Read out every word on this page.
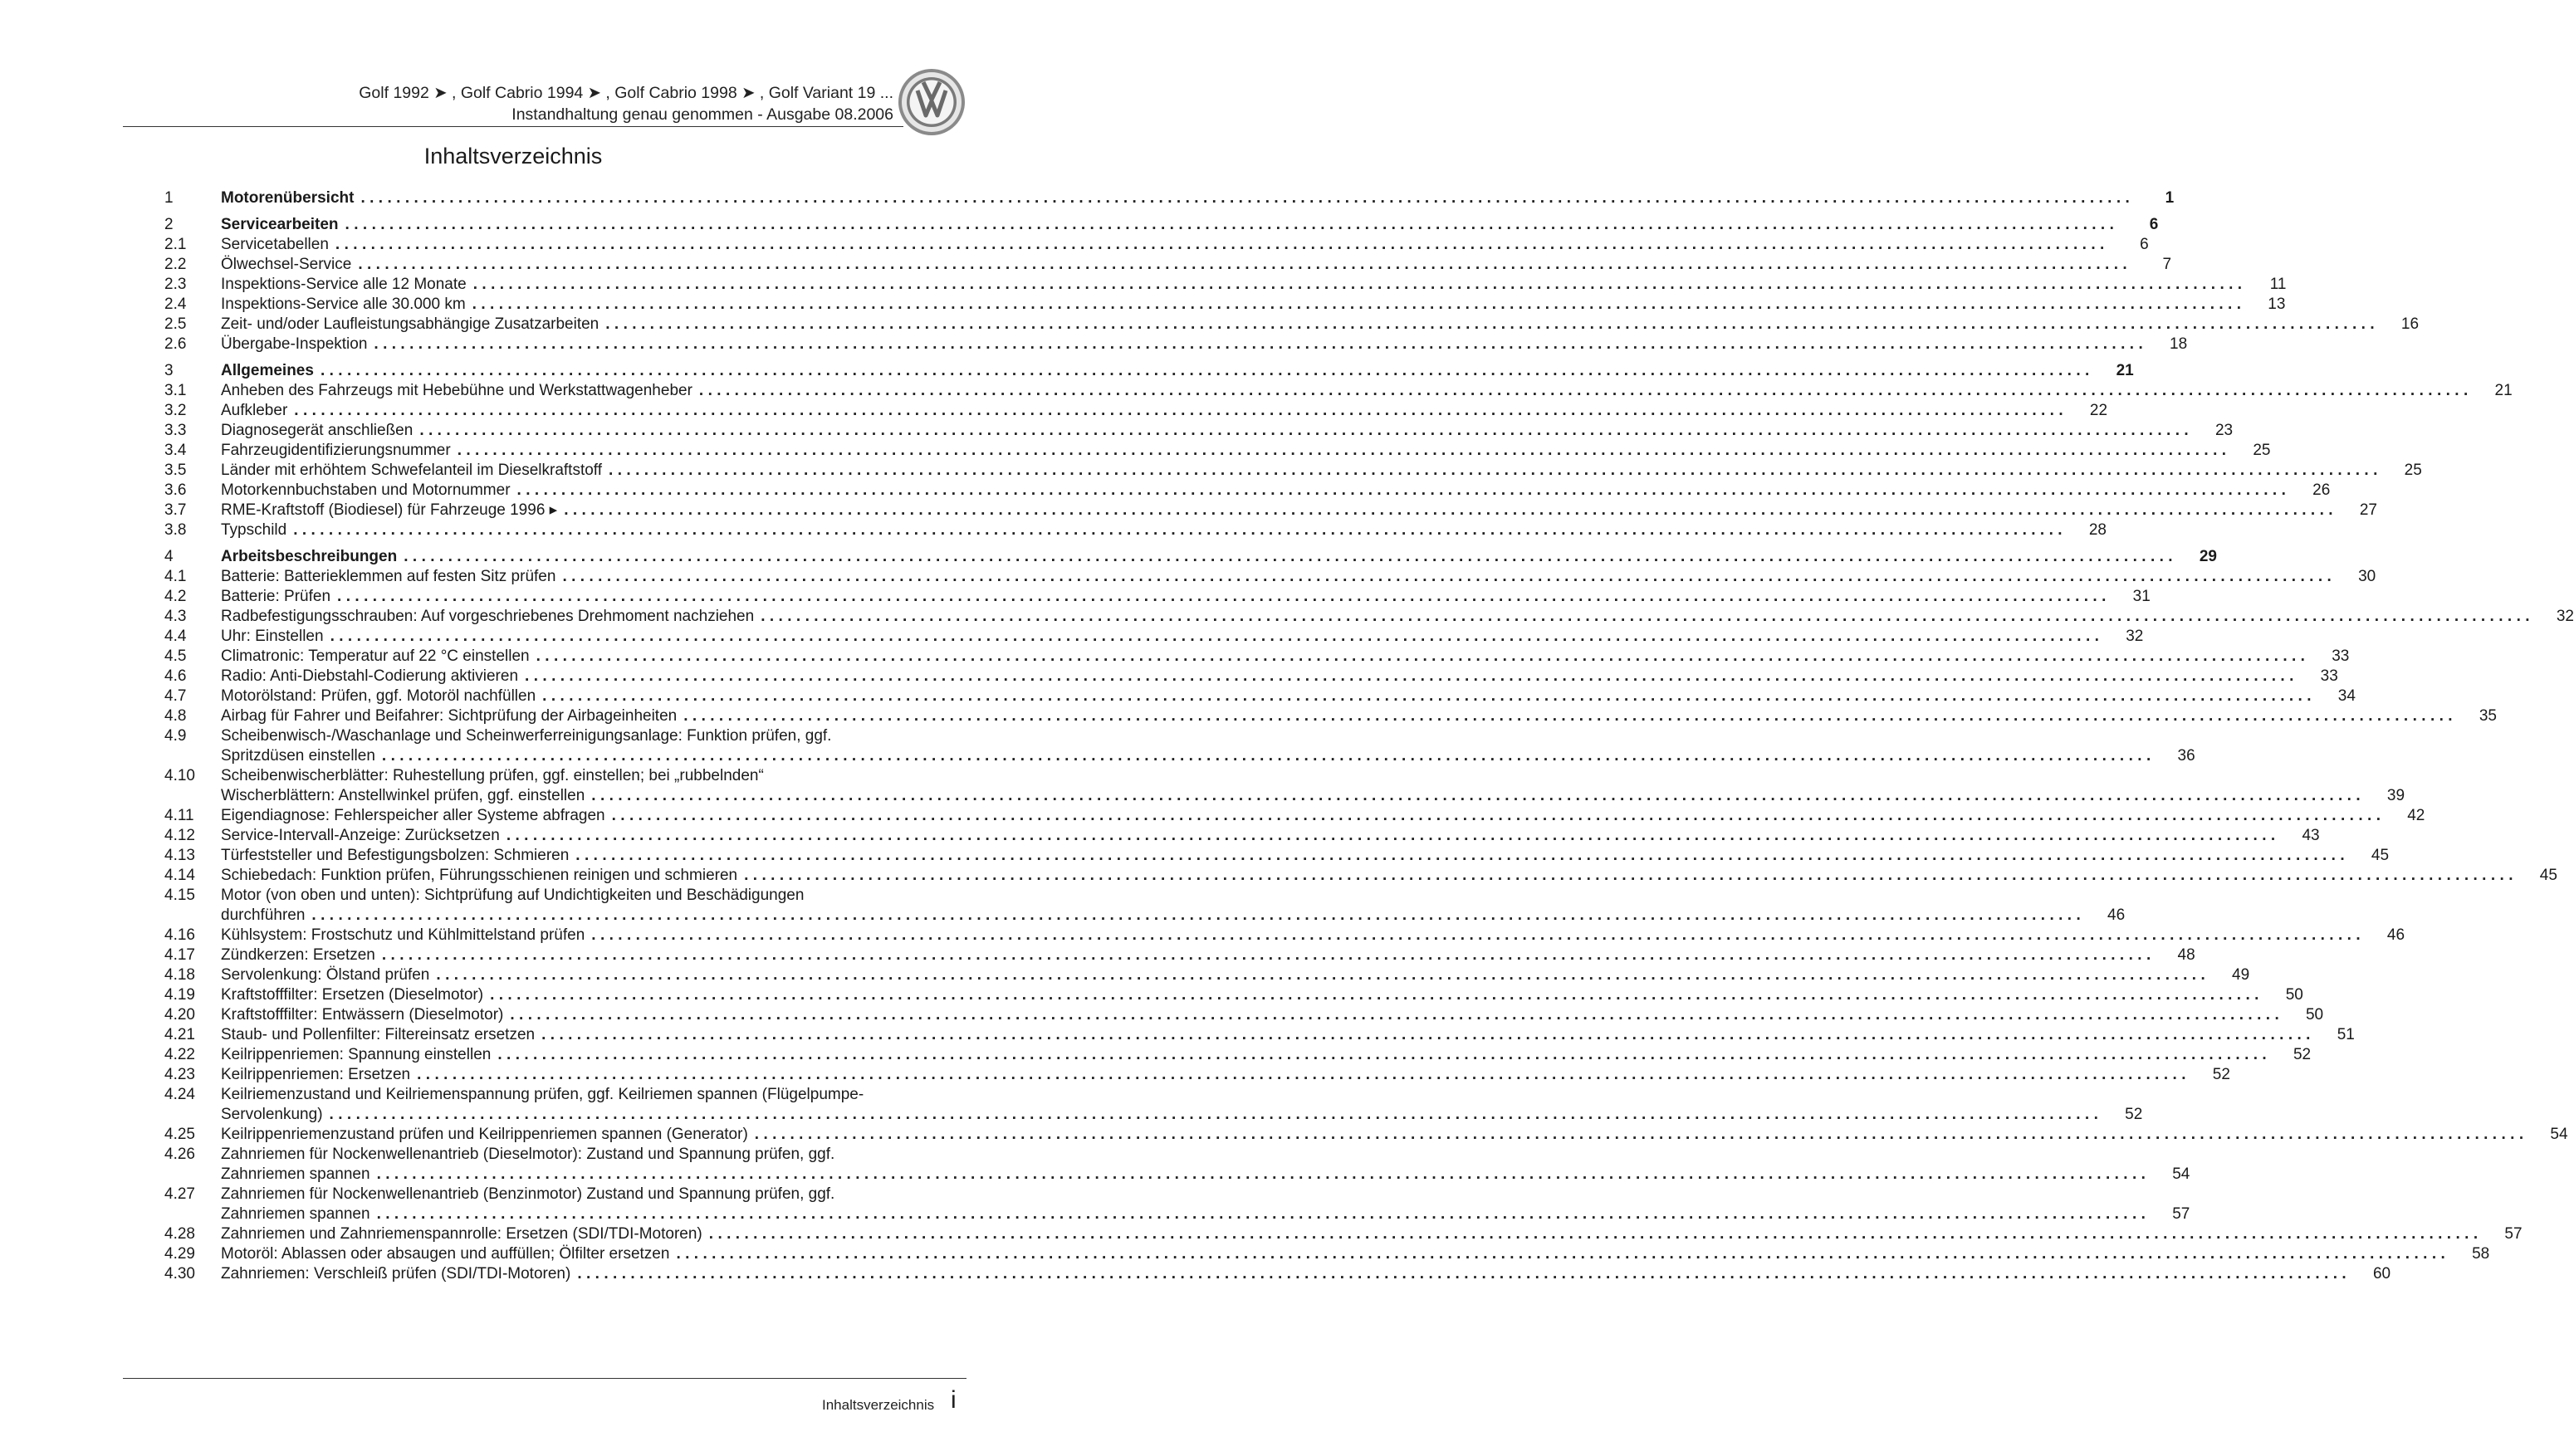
Golf 1992 ➤ , Golf Cabrio 1994 ➤ , Golf Cabrio 1998 ➤ , Golf Variant 19 ...
Instandhaltung genau genommen - Ausgabe 08.2006
Inhaltsverzeichnis
1	Motorenübersicht ........................................................................................................................................................................................................	1
2	Servicearbeiten ........................................................................................................................................................................................................	6
2.1 Servicetabellen ........................................................................................................................................................................................................	6
2.2 Ölwechsel-Service ........................................................................................................................................................................................................	7
2.3 Inspektions-Service alle 12 Monate ........................................................................................................................................................................................................	11
2.4 Inspektions-Service alle 30.000 km ........................................................................................................................................................................................................	13
2.5 Zeit- und/oder Laufleistungsabhängige Zusatzarbeiten ........................................................................................................................................................................................................	16
2.6 Übergabe-Inspektion ........................................................................................................................................................................................................	18
3	Allgemeines ........................................................................................................................................................................................................	21
3.1 Anheben des Fahrzeugs mit Hebebühne und Werkstattwagenheber ........................................................................................................................................................................................................	21
3.2 Aufkleber ........................................................................................................................................................................................................	22
3.3 Diagnosegerät anschließen ........................................................................................................................................................................................................	23
3.4 Fahrzeugidentifizierungsnummer ........................................................................................................................................................................................................	25
3.5 Länder mit erhöhtem Schwefelanteil im Dieselkraftstoff ........................................................................................................................................................................................................	25
3.6 Motorkennbuchstaben und Motornummer ........................................................................................................................................................................................................	26
3.7 RME-Kraftstoff (Biodiesel) für Fahrzeuge 1996 ▸ ........................................................................................................................................................................................................	27
3.8 Typschild ........................................................................................................................................................................................................	28
4	Arbeitsbeschreibungen ........................................................................................................................................................................................................	29
4.1 Batterie: Batterieklemmen auf festen Sitz prüfen ........................................................................................................................................................................................................	30
4.2 Batterie: Prüfen ........................................................................................................................................................................................................	31
4.3 Radbefestigungsschrauben: Auf vorgeschriebenes Drehmoment nachziehen ........................................................................................................................................................................................................	32
4.4 Uhr: Einstellen ........................................................................................................................................................................................................	32
4.5 Climatronic: Temperatur auf 22 °C einstellen ........................................................................................................................................................................................................	33
4.6 Radio: Anti-Diebstahl-Codierung aktivieren ........................................................................................................................................................................................................	33
4.7 Motorölstand: Prüfen, ggf. Motoröl nachfüllen ........................................................................................................................................................................................................	34
4.8 Airbag für Fahrer und Beifahrer: Sichtprüfung der Airbageinheiten ........................................................................................................................................................................................................	35
4.9 Scheibenwisch-/Waschanlage und Scheinwerferreinigungsanlage: Funktion prüfen, ggf.
Spritzdüsen einstellen ........................................................................................................................................................................................................	36
4.10 Scheibenwischerblätter: Ruhestellung prüfen, ggf. einstellen; bei „rubbelnden“
Wischerblättern: Anstellwinkel prüfen, ggf. einstellen ........................................................................................................................................................................................................	39
4.11 Eigendiagnose: Fehlerspeicher aller Systeme abfragen ........................................................................................................................................................................................................	42
4.12 Service-Intervall-Anzeige: Zurücksetzen ........................................................................................................................................................................................................	43
4.13 Türfeststeller und Befestigungsbolzen: Schmieren ........................................................................................................................................................................................................	45
4.14 Schiebedach: Funktion prüfen, Führungsschienen reinigen und schmieren ........................................................................................................................................................................................................	45
4.15 Motor (von oben und unten): Sichtprüfung auf Undichtigkeiten und Beschädigungen
durchführen ........................................................................................................................................................................................................	46
4.16 Kühlsystem: Frostschutz und Kühlmittelstand prüfen ........................................................................................................................................................................................................	46
4.17 Zündkerzen: Ersetzen ........................................................................................................................................................................................................	48
4.18 Servolenkung: Ölstand prüfen ........................................................................................................................................................................................................	49
4.19 Kraftstofffilter: Ersetzen (Dieselmotor) ........................................................................................................................................................................................................	50
4.20 Kraftstofffilter: Entwässern (Dieselmotor) ........................................................................................................................................................................................................	50
4.21 Staub- und Pollenfilter: Filtereinsatz ersetzen ........................................................................................................................................................................................................	51
4.22 Keilrippenriemen: Spannung einstellen ........................................................................................................................................................................................................	52
4.23 Keilrippenriemen: Ersetzen ........................................................................................................................................................................................................	52
4.24 Keilriemenzustand und Keilriemenspannung prüfen, ggf. Keilriemen spannen (Flügelpumpe-
Servolenkung) ........................................................................................................................................................................................................	52
4.25 Keilrippenriemenzustand prüfen und Keilrippenriemen spannen (Generator) ........................................................................................................................................................................................................	54
4.26 Zahnriemen für Nockenwellenantrieb (Dieselmotor): Zustand und Spannung prüfen, ggf.
Zahnriemen spannen ........................................................................................................................................................................................................	54
4.27 Zahnriemen für Nockenwellenantrieb (Benzinmotor) Zustand und Spannung prüfen, ggf.
Zahnriemen spannen ........................................................................................................................................................................................................	57
4.28 Zahnriemen und Zahnriemenspannrolle: Ersetzen (SDI/TDI-Motoren) ........................................................................................................................................................................................................	57
4.29 Motoröl: Ablassen oder absaugen und auffüllen; Ölfilter ersetzen ........................................................................................................................................................................................................	58
4.30 Zahnriemen: Verschleiß prüfen (SDI/TDI-Motoren) ........................................................................................................................................................................................................	60
Inhaltsverzeichnis i
